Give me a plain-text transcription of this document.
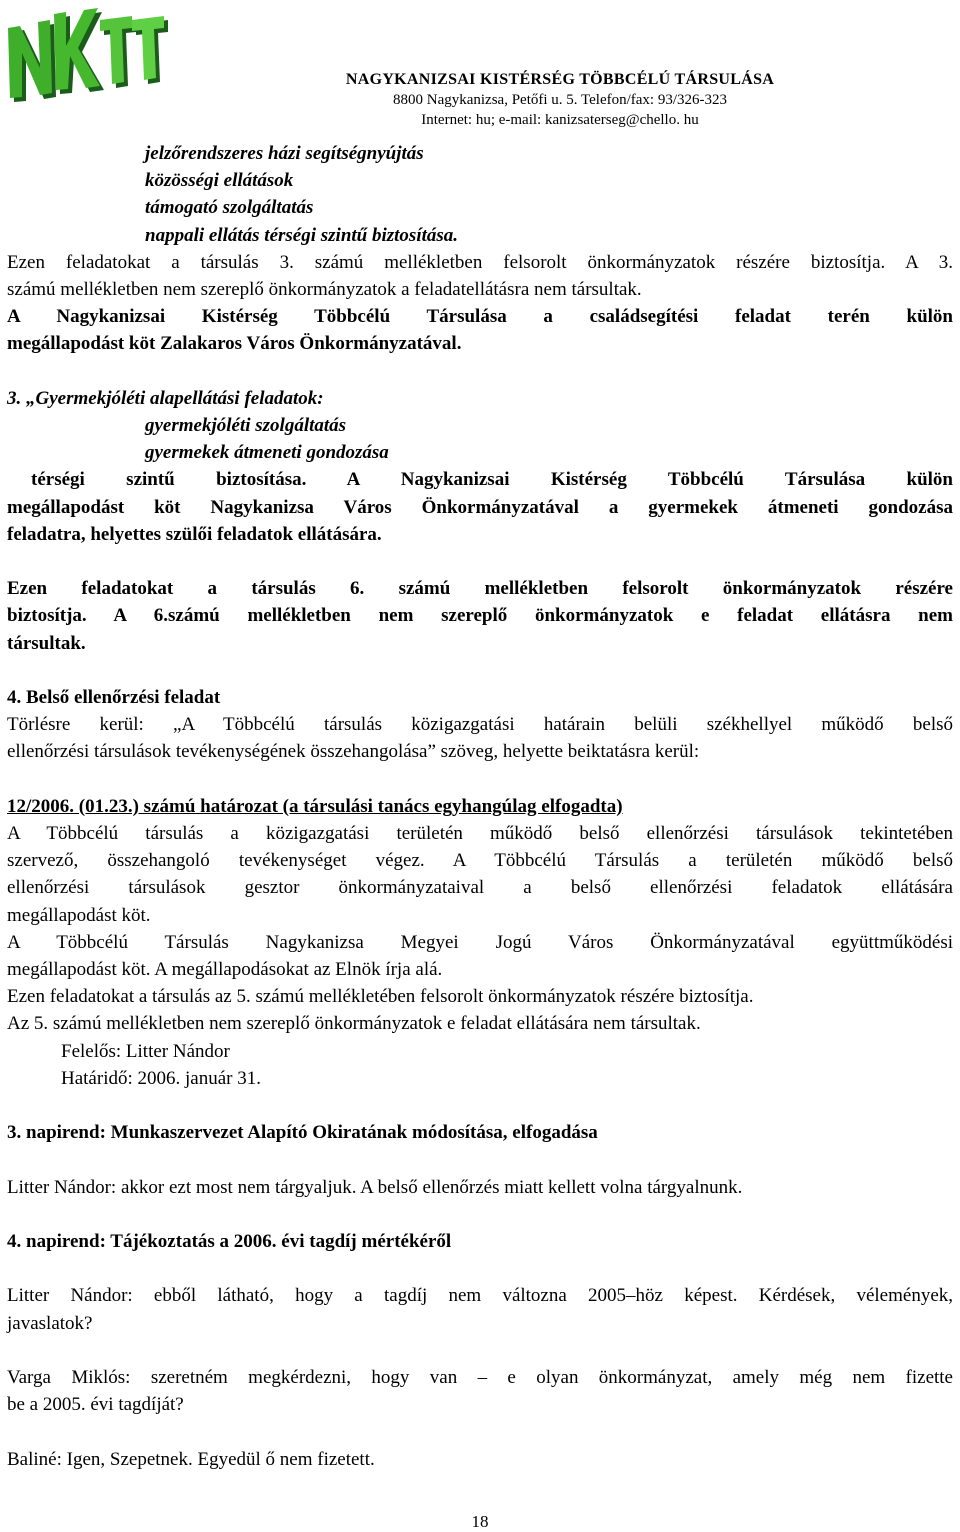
NAGYKANIZSAI KISTÉRSÉG TÖBBCÉLÚ TÁRSULÁSA
8800 Nagykanizsa, Petőfi u. 5. Telefon/fax: 93/326-323
Internet: hu; e-mail: kanizsaterseg@chello. hu
jelzőrendszeres házi segítségnyújtás
közösségi ellátások
támogató szolgáltatás
nappali ellátás térségi szintű biztosítása.
Ezen feladatokat a társulás 3. számú mellékletben felsorolt önkormányzatok részére biztosítja. A 3.
számú mellékletben nem szereplő önkormányzatok a feladatellátásra nem társultak.
A Nagykanizsai Kistérség Többcélú Társulása a családsegítési feladat terén külön
megállapodást köt Zalakaros Város Önkormányzatával.
3. „Gyermekjóléti alapellátási feladatok:
gyermekjóléti szolgáltatás
gyermekek átmeneti gondozása
térségi szintű biztosítása. A Nagykanizsai Kistérség Többcélú Társulása külön
megállapodást köt Nagykanizsa Város Önkormányzatával a gyermekek átmeneti gondozása
feladatra, helyettes szülői feladatok ellátására.
Ezen feladatokat a társulás 6. számú mellékletben felsorolt önkormányzatok részére
biztosítja. A 6.számú mellékletben nem szereplő önkormányzatok e feladat ellátásra nem
társultak.
4. Belső ellenőrzési feladat
Törlésre kerül: „A Többcélú társulás közigazgatási határain belüli székhellyel működő belső
ellenőrzési társulások tevékenységének összehangolása” szöveg, helyette beiktatásra kerül:
12/2006. (01.23.) számú határozat (a társulási tanács egyhangúlag elfogadta)
A Többcélú társulás a közigazgatási területén működő belső ellenőrzési társulások tekintetében
szervező, összehangoló tevékenységet végez. A Többcélú Társulás a területén működő belső
ellenőrzési társulások gesztor önkormányzataival a belső ellenőrzési feladatok ellátására
megállapodást köt.
A Többcélú Társulás Nagykanizsa Megyei Jogú Város Önkormányzatával együttműködési
megállapodást köt. A megállapodásokat az Elnök írja alá.
Ezen feladatokat a társulás az 5. számú mellékletében felsorolt önkormányzatok részére biztosítja.
Az 5. számú mellékletben nem szereplő önkormányzatok e feladat ellátására nem társultak.
Felelős: Litter Nándor
Határidő: 2006. január 31.
3. napirend: Munkaszervezet Alapító Okiratának módosítása, elfogadása
Litter Nándor: akkor ezt most nem tárgyaljuk. A belső ellenőrzés miatt kellett volna tárgyalnunk.
4. napirend: Tájékoztatás a 2006. évi tagdíj mértékéről
Litter Nándor: ebből látható, hogy a tagdíj nem változna 2005–höz képest. Kérdések, vélemények,
javaslatok?
Varga Miklós: szeretném megkérdezni, hogy van – e olyan önkormányzat, amely még nem fizette
be a 2005. évi tagdíját?
Baliné: Igen, Szepetnek. Egyedül ő nem fizetett.
18
